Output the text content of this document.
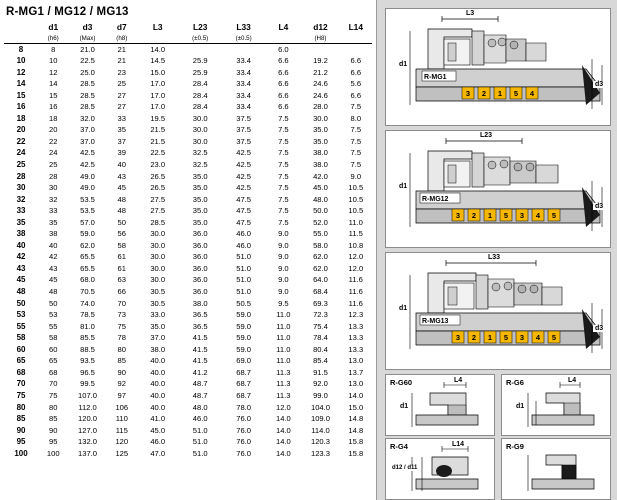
R-MG1 / MG12 / MG13
	d1	d3	d7	L3	L23	L33	L4	d12	L14
	(h6)	(Max)	(h8)		(±0.5)	(±0.5)		(H8)	
8	8	21.0	21	14.0			6.0		
10	10	22.5	21	14.5	25.9	33.4	6.6	19.2	6.6
12	12	25.0	23	15.0	25.9	33.4	6.6	21.2	6.6
14	14	28.5	25	17.0	28.4	33.4	6.6	24.6	5.6
15	15	28.5	27	17.0	28.4	33.4	6.6	24.6	6.6
16	16	28.5	27	17.0	28.4	33.4	6.6	28.0	7.5
18	18	32.0	33	19.5	30.0	37.5	7.5	30.0	8.0
20	20	37.0	35	21.5	30.0	37.5	7.5	35.0	7.5
22	22	37.0	37	21.5	30.0	37.5	7.5	35.0	7.5
24	24	42.5	39	22.5	32.5	42.5	7.5	38.0	7.5
25	25	42.5	40	23.0	32.5	42.5	7.5	38.0	7.5
28	28	49.0	43	26.5	35.0	42.5	7.5	42.0	9.0
30	30	49.0	45	26.5	35.0	42.5	7.5	45.0	10.5
32	32	53.5	48	27.5	35.0	47.5	7.5	48.0	10.5
33	33	53.5	48	27.5	35.0	47.5	7.5	50.0	10.5
35	35	57.0	50	28.5	35.0	47.5	7.5	52.0	11.0
38	38	59.0	56	30.0	36.0	46.0	9.0	55.0	11.5
40	40	62.0	58	30.0	36.0	46.0	9.0	58.0	10.8
42	42	65.5	61	30.0	36.0	51.0	9.0	62.0	12.0
43	43	65.5	61	30.0	36.0	51.0	9.0	62.0	12.0
45	45	68.0	63	30.0	36.0	51.0	9.0	64.0	11.6
48	48	70.5	66	30.5	36.0	51.0	9.0	68.4	11.6
50	50	74.0	70	30.5	38.0	50.5	9.5	69.3	11.6
53	53	78.5	73	33.0	36.5	59.0	11.0	72.3	12.3
55	55	81.0	75	35.0	36.5	59.0	11.0	75.4	13.3
58	58	85.5	78	37.0	41.5	59.0	11.0	78.4	13.3
60	60	88.5	80	38.0	41.5	59.0	11.0	80.4	13.3
65	65	93.5	85	40.0	41.5	69.0	11.0	85.4	13.0
68	68	96.5	90	40.0	41.2	68.7	11.3	91.5	13.7
70	70	99.5	92	40.0	48.7	68.7	11.3	92.0	13.0
75	75	107.0	97	40.0	48.7	68.7	11.3	99.0	14.0
80	80	112.0	106	40.0	48.0	78.0	12.0	104.0	15.0
85	85	120.0	110	41.0	46.0	76.0	14.0	109.0	14.8
90	90	127.0	115	45.0	51.0	76.0	14.0	114.0	14.8
95	95	132.0	120	46.0	51.0	76.0	14.0	120.3	15.8
100	100	137.0	125	47.0	51.0	76.0	14.0	123.3	15.8
R-MG1
3 2 1 5 4
L3
d1
d3
R-MG12
3 2 1 5 3 4 5
L23
d1
d3
R-MG13
3 2 1 5 3 4 5
L33
d1
d3
R-G60	L4
d1
R-G6	L4
d1
R-G4	L14
d12 / d11
R-G9
